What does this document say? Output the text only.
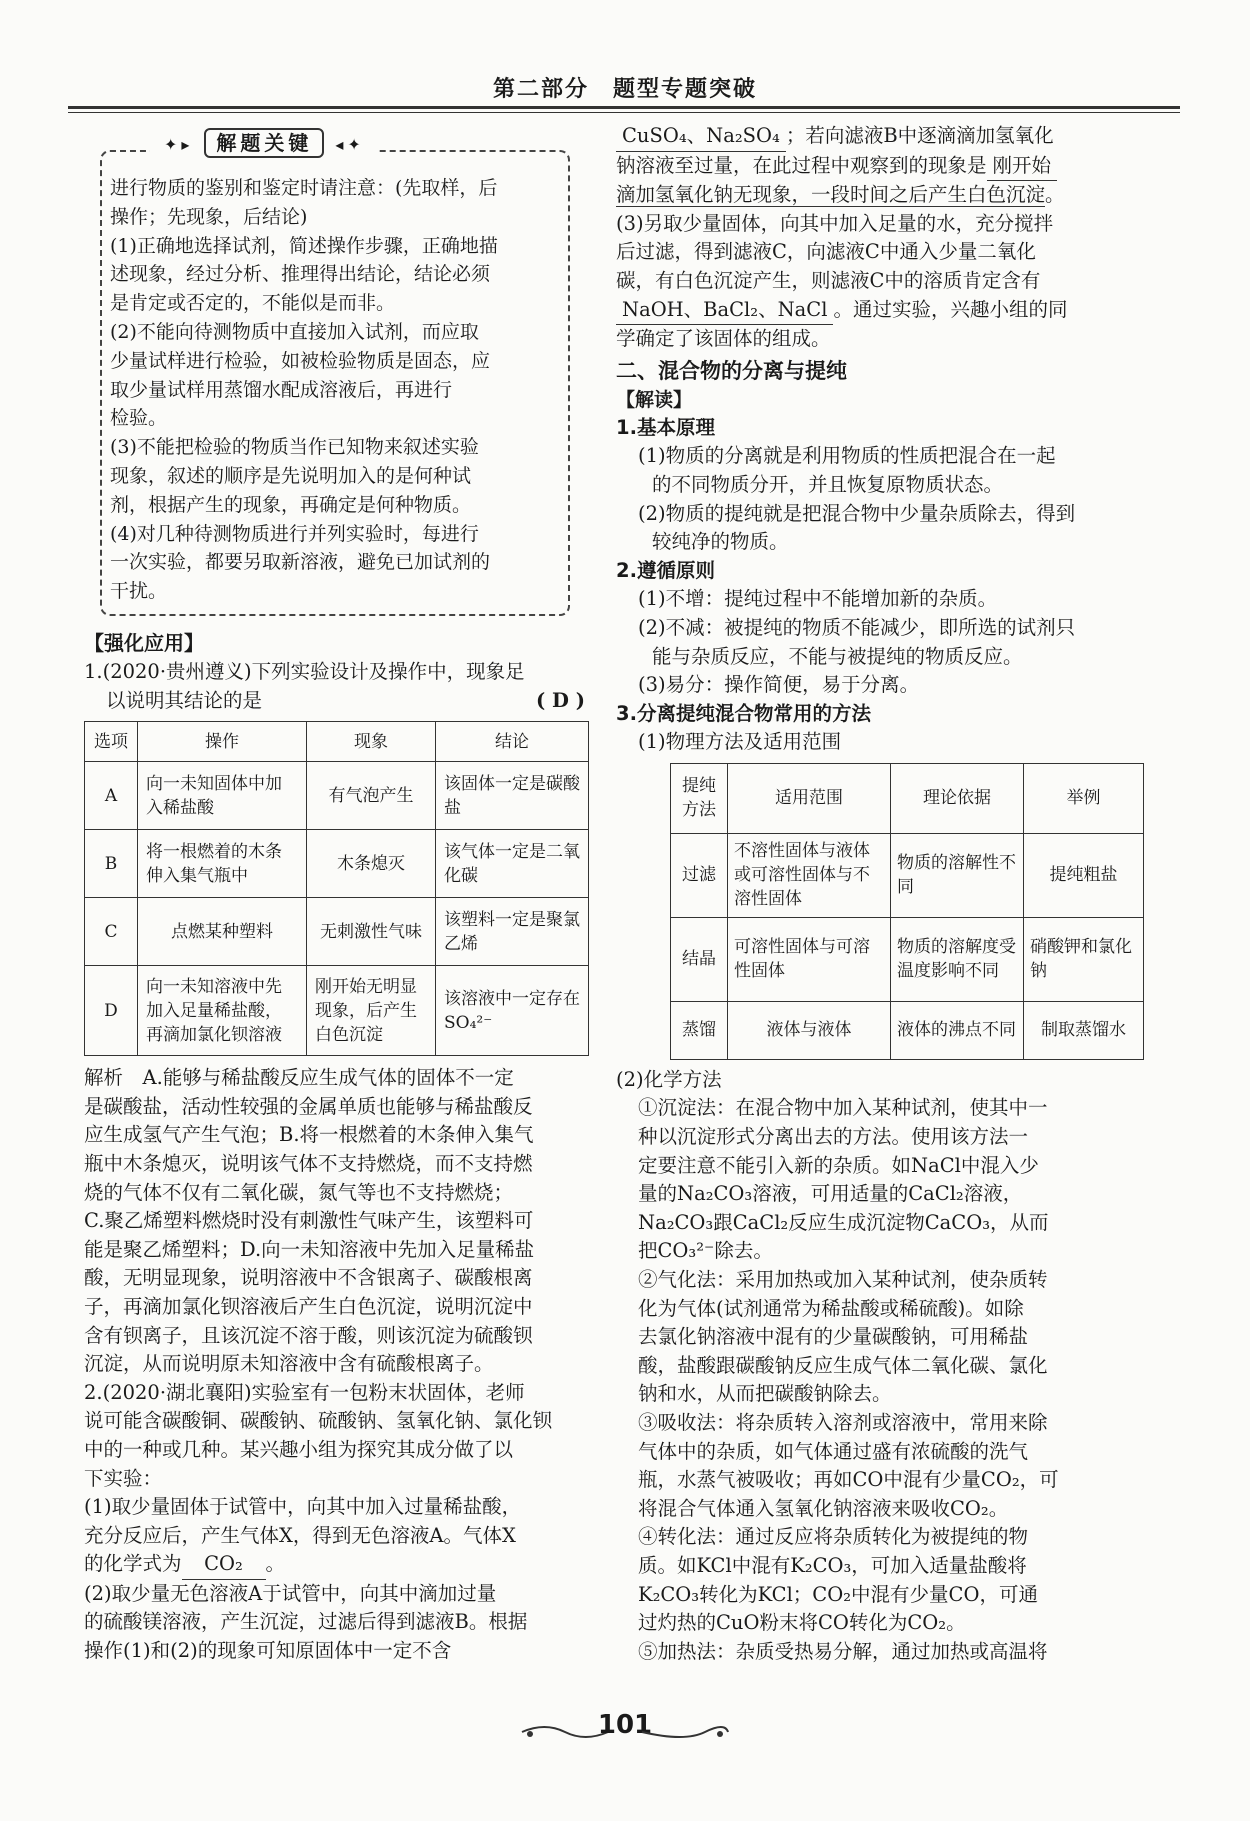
第二部分　题型专题突破
✦▸ 解题关键 ◂✦
进行物质的鉴别和鉴定时请注意：(先取样，后
操作；先现象，后结论)
(1)正确地选择试剂，简述操作步骤，正确地描
述现象，经过分析、推理得出结论，结论必须
是肯定或否定的，不能似是而非。
(2)不能向待测物质中直接加入试剂，而应取
少量试样进行检验，如被检验物质是固态，应
取少量试样用蒸馏水配成溶液后，再进行
检验。
(3)不能把检验的物质当作已知物来叙述实验
现象，叙述的顺序是先说明加入的是何种试
剂，根据产生的现象，再确定是何种物质。
(4)对几种待测物质进行并列实验时，每进行
一次实验，都要另取新溶液，避免已加试剂的
干扰。
【强化应用】
1.(2020·贵州遵义)下列实验设计及操作中，现象足
以说明其结论的是	( D )
选项	操作	现象	结论
A	向一未知固体中加入稀盐酸	有气泡产生	该固体一定是碳酸盐
B	将一根燃着的木条伸入集气瓶中	木条熄灭	该气体一定是二氧化碳
C	点燃某种塑料	无刺激性气味	该塑料一定是聚氯乙烯
D	向一未知溶液中先加入足量稀盐酸，再滴加氯化钡溶液	刚开始无明显现象，后产生白色沉淀	该溶液中一定存在SO₄²⁻
解析　A.能够与稀盐酸反应生成气体的固体不一定
是碳酸盐，活动性较强的金属单质也能够与稀盐酸反
应生成氢气产生气泡；B.将一根燃着的木条伸入集气
瓶中木条熄灭，说明该气体不支持燃烧，而不支持燃
烧的气体不仅有二氧化碳，氮气等也不支持燃烧；
C.聚乙烯塑料燃烧时没有刺激性气味产生，该塑料可
能是聚乙烯塑料；D.向一未知溶液中先加入足量稀盐
酸，无明显现象，说明溶液中不含银离子、碳酸根离
子，再滴加氯化钡溶液后产生白色沉淀，说明沉淀中
含有钡离子，且该沉淀不溶于酸，则该沉淀为硫酸钡
沉淀，从而说明原未知溶液中含有硫酸根离子。
2.(2020·湖北襄阳)实验室有一包粉末状固体，老师
说可能含碳酸铜、碳酸钠、硫酸钠、氢氧化钠、氯化钡
中的一种或几种。某兴趣小组为探究其成分做了以
下实验：
(1)取少量固体于试管中，向其中加入过量稀盐酸，
充分反应后，产生气体X，得到无色溶液A。气体X
的化学式为 CO₂ 。
(2)取少量无色溶液A于试管中，向其中滴加过量
的硫酸镁溶液，产生沉淀，过滤后得到滤液B。根据
操作(1)和(2)的现象可知原固体中一定不含
CuSO₄、Na₂SO₄ ；若向滤液B中逐滴滴加氢氧化
钠溶液至过量，在此过程中观察到的现象是 刚开始
滴加氢氧化钠无现象，一段时间之后产生白色沉淀。
(3)另取少量固体，向其中加入足量的水，充分搅拌
后过滤，得到滤液C，向滤液C中通入少量二氧化
碳，有白色沉淀产生，则滤液C中的溶质肯定含有
NaOH、BaCl₂、NaCl 。通过实验，兴趣小组的同
学确定了该固体的组成。
二、混合物的分离与提纯
【解读】
1.基本原理
(1)物质的分离就是利用物质的性质把混合在一起
的不同物质分开，并且恢复原物质状态。
(2)物质的提纯就是把混合物中少量杂质除去，得到
较纯净的物质。
2.遵循原则
(1)不增：提纯过程中不能增加新的杂质。
(2)不减：被提纯的物质不能减少，即所选的试剂只
能与杂质反应，不能与被提纯的物质反应。
(3)易分：操作简便，易于分离。
3.分离提纯混合物常用的方法
(1)物理方法及适用范围
提纯方法	适用范围	理论依据	举例
过滤	不溶性固体与液体或可溶性固体与不溶性固体	物质的溶解性不同	提纯粗盐
结晶	可溶性固体与可溶性固体	物质的溶解度受温度影响不同	硝酸钾和氯化钠
蒸馏	液体与液体	液体的沸点不同	制取蒸馏水
(2)化学方法
①沉淀法：在混合物中加入某种试剂，使其中一
种以沉淀形式分离出去的方法。使用该方法一
定要注意不能引入新的杂质。如NaCl中混入少
量的Na₂CO₃溶液，可用适量的CaCl₂溶液，
Na₂CO₃跟CaCl₂反应生成沉淀物CaCO₃，从而
把CO₃²⁻除去。
②气化法：采用加热或加入某种试剂，使杂质转
化为气体(试剂通常为稀盐酸或稀硫酸)。如除
去氯化钠溶液中混有的少量碳酸钠，可用稀盐
酸，盐酸跟碳酸钠反应生成气体二氧化碳、氯化
钠和水，从而把碳酸钠除去。
③吸收法：将杂质转入溶剂或溶液中，常用来除
气体中的杂质，如气体通过盛有浓硫酸的洗气
瓶，水蒸气被吸收；再如CO中混有少量CO₂，可
将混合气体通入氢氧化钠溶液来吸收CO₂。
④转化法：通过反应将杂质转化为被提纯的物
质。如KCl中混有K₂CO₃，可加入适量盐酸将
K₂CO₃转化为KCl；CO₂中混有少量CO，可通
过灼热的CuO粉末将CO转化为CO₂。
⑤加热法：杂质受热易分解，通过加热或高温将
101
